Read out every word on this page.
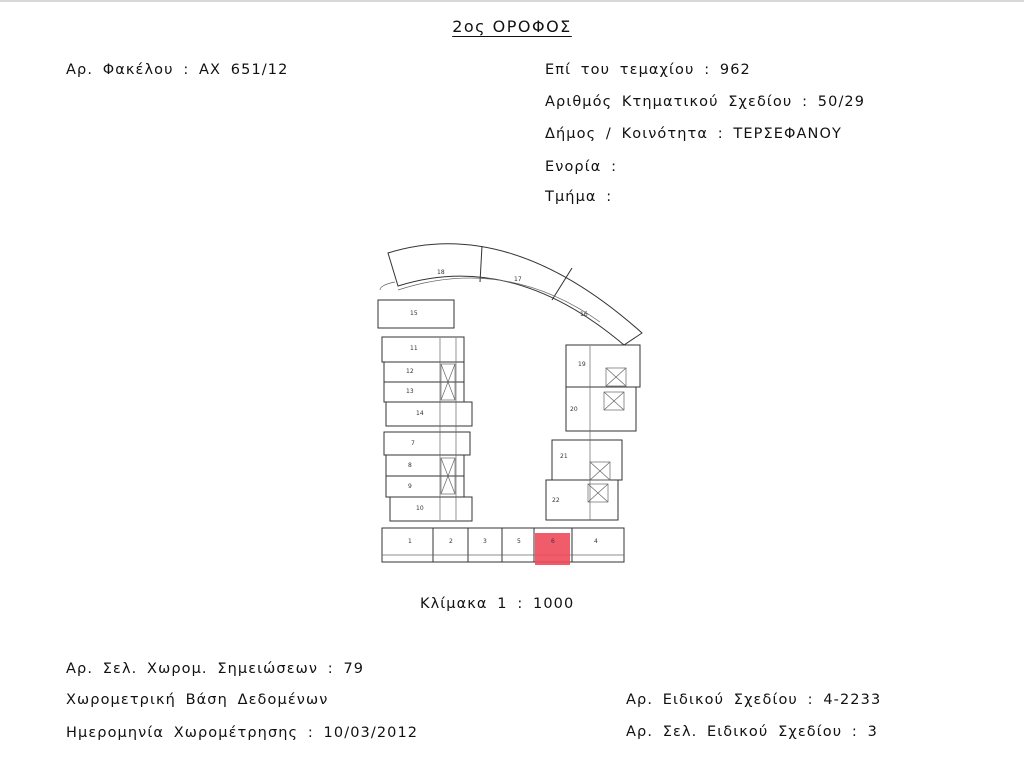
2ος ΟΡΟΦΟΣ
Αρ. Φακέλου : ΑΧ 651/12	Επί του τεμαχίου : 962
Αριθμός Κτηματικού Σχεδίου : 50/29
Δήμος / Κοινότητα : ΤΕΡΣΕΦΑΝΟΥ
Ενορία :
Τμήμα :
18
17
16
15
11
12
13
14
7
8
9
10
19
20
21
22
1	2	3	5	6	4
Κλίμακα 1 : 1000
Αρ. Σελ. Χωρομ. Σημειώσεων : 79
Χωρομετρική Βάση Δεδομένων
Ημερομηνία Χωρομέτρησης : 10/03/2012
Αρ. Ειδικού Σχεδίου : 4-2233
Αρ. Σελ. Ειδικού Σχεδίου : 3
